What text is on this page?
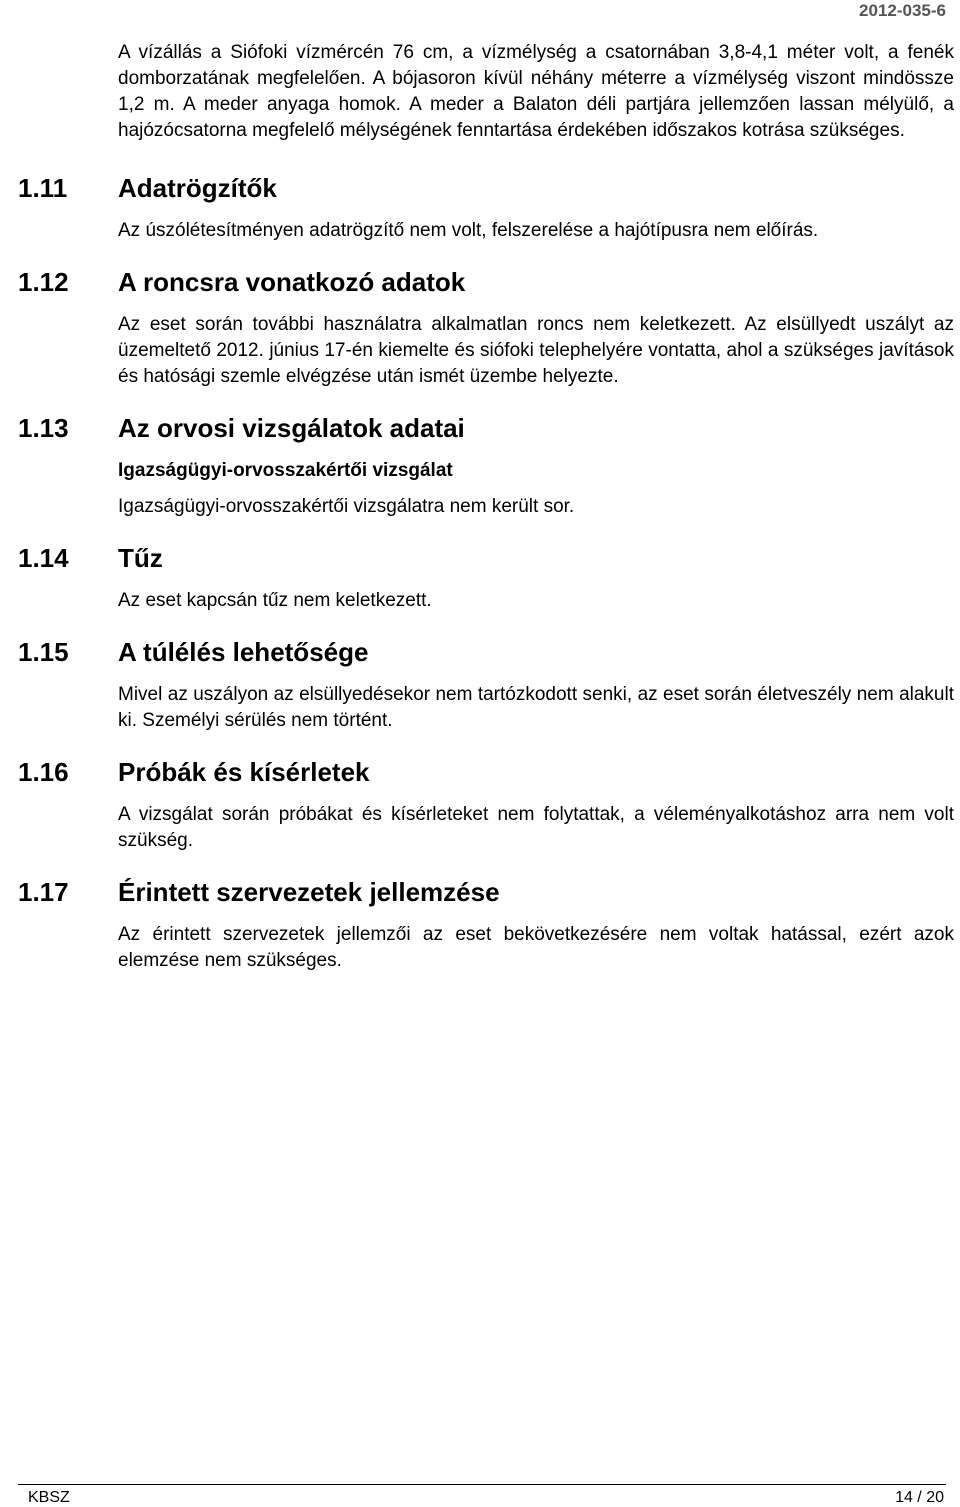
2012-035-6

A vízállás a Siófoki vízmércén 76 cm, a vízmélység a csatornában 3,8-4,1 méter volt, a fenék domborzatának megfelelően. A bójasoron kívül néhány méterre a vízmélység viszont mindössze 1,2 m. A meder anyaga homok. A meder a Balaton déli partjára jellemzően lassan mélyülő, a hajózócsatorna megfelelő mélységének fenntartása érdekében időszakos kotrása szükséges.

1.11	Adatrögzítők

Az úszólétesítményen adatrögzítő nem volt, felszerelése a hajótípusra nem előírás.

1.12	A roncsra vonatkozó adatok

Az eset során további használatra alkalmatlan roncs nem keletkezett. Az elsüllyedt uszályt az üzemeltető 2012. június 17-én kiemelte és siófoki telephelyére vontatta, ahol a szükséges javítások és hatósági szemle elvégzése után ismét üzembe helyezte.

1.13	Az orvosi vizsgálatok adatai
Igazságügyi-orvosszakértői vizsgálat

Igazságügyi-orvosszakértői vizsgálatra nem került sor.

1.14	Tűz

Az eset kapcsán tűz nem keletkezett.

1.15	A túlélés lehetősége

Mivel az uszályon az elsüllyedésekor nem tartózkodott senki, az eset során életveszély nem alakult ki. Személyi sérülés nem történt.

1.16	Próbák és kísérletek

A vizsgálat során próbákat és kísérleteket nem folytattak, a véleményalkotáshoz arra nem volt szükség.

1.17	Érintett szervezetek jellemzése

Az érintett szervezetek jellemzői az eset bekövetkezésére nem voltak hatással, ezért azok elemzése nem szükséges.

KBSZ	14 / 20
